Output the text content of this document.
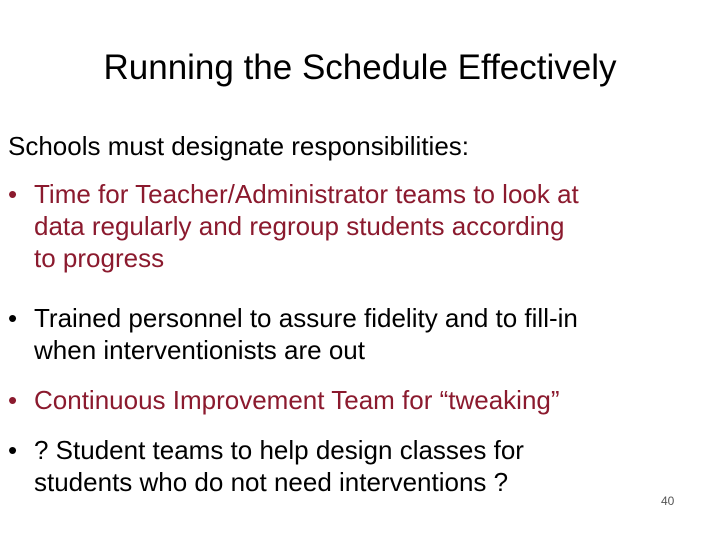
Running the Schedule Effectively
Schools must designate responsibilities:
• Time for Teacher/Administrator teams to look at
data regularly and regroup students according
to progress
• Trained personnel to assure fidelity and to fill-in
when interventionists are out
• Continuous Improvement Team for “tweaking”
• ? Student teams to help design classes for
students who do not need interventions ?
40
